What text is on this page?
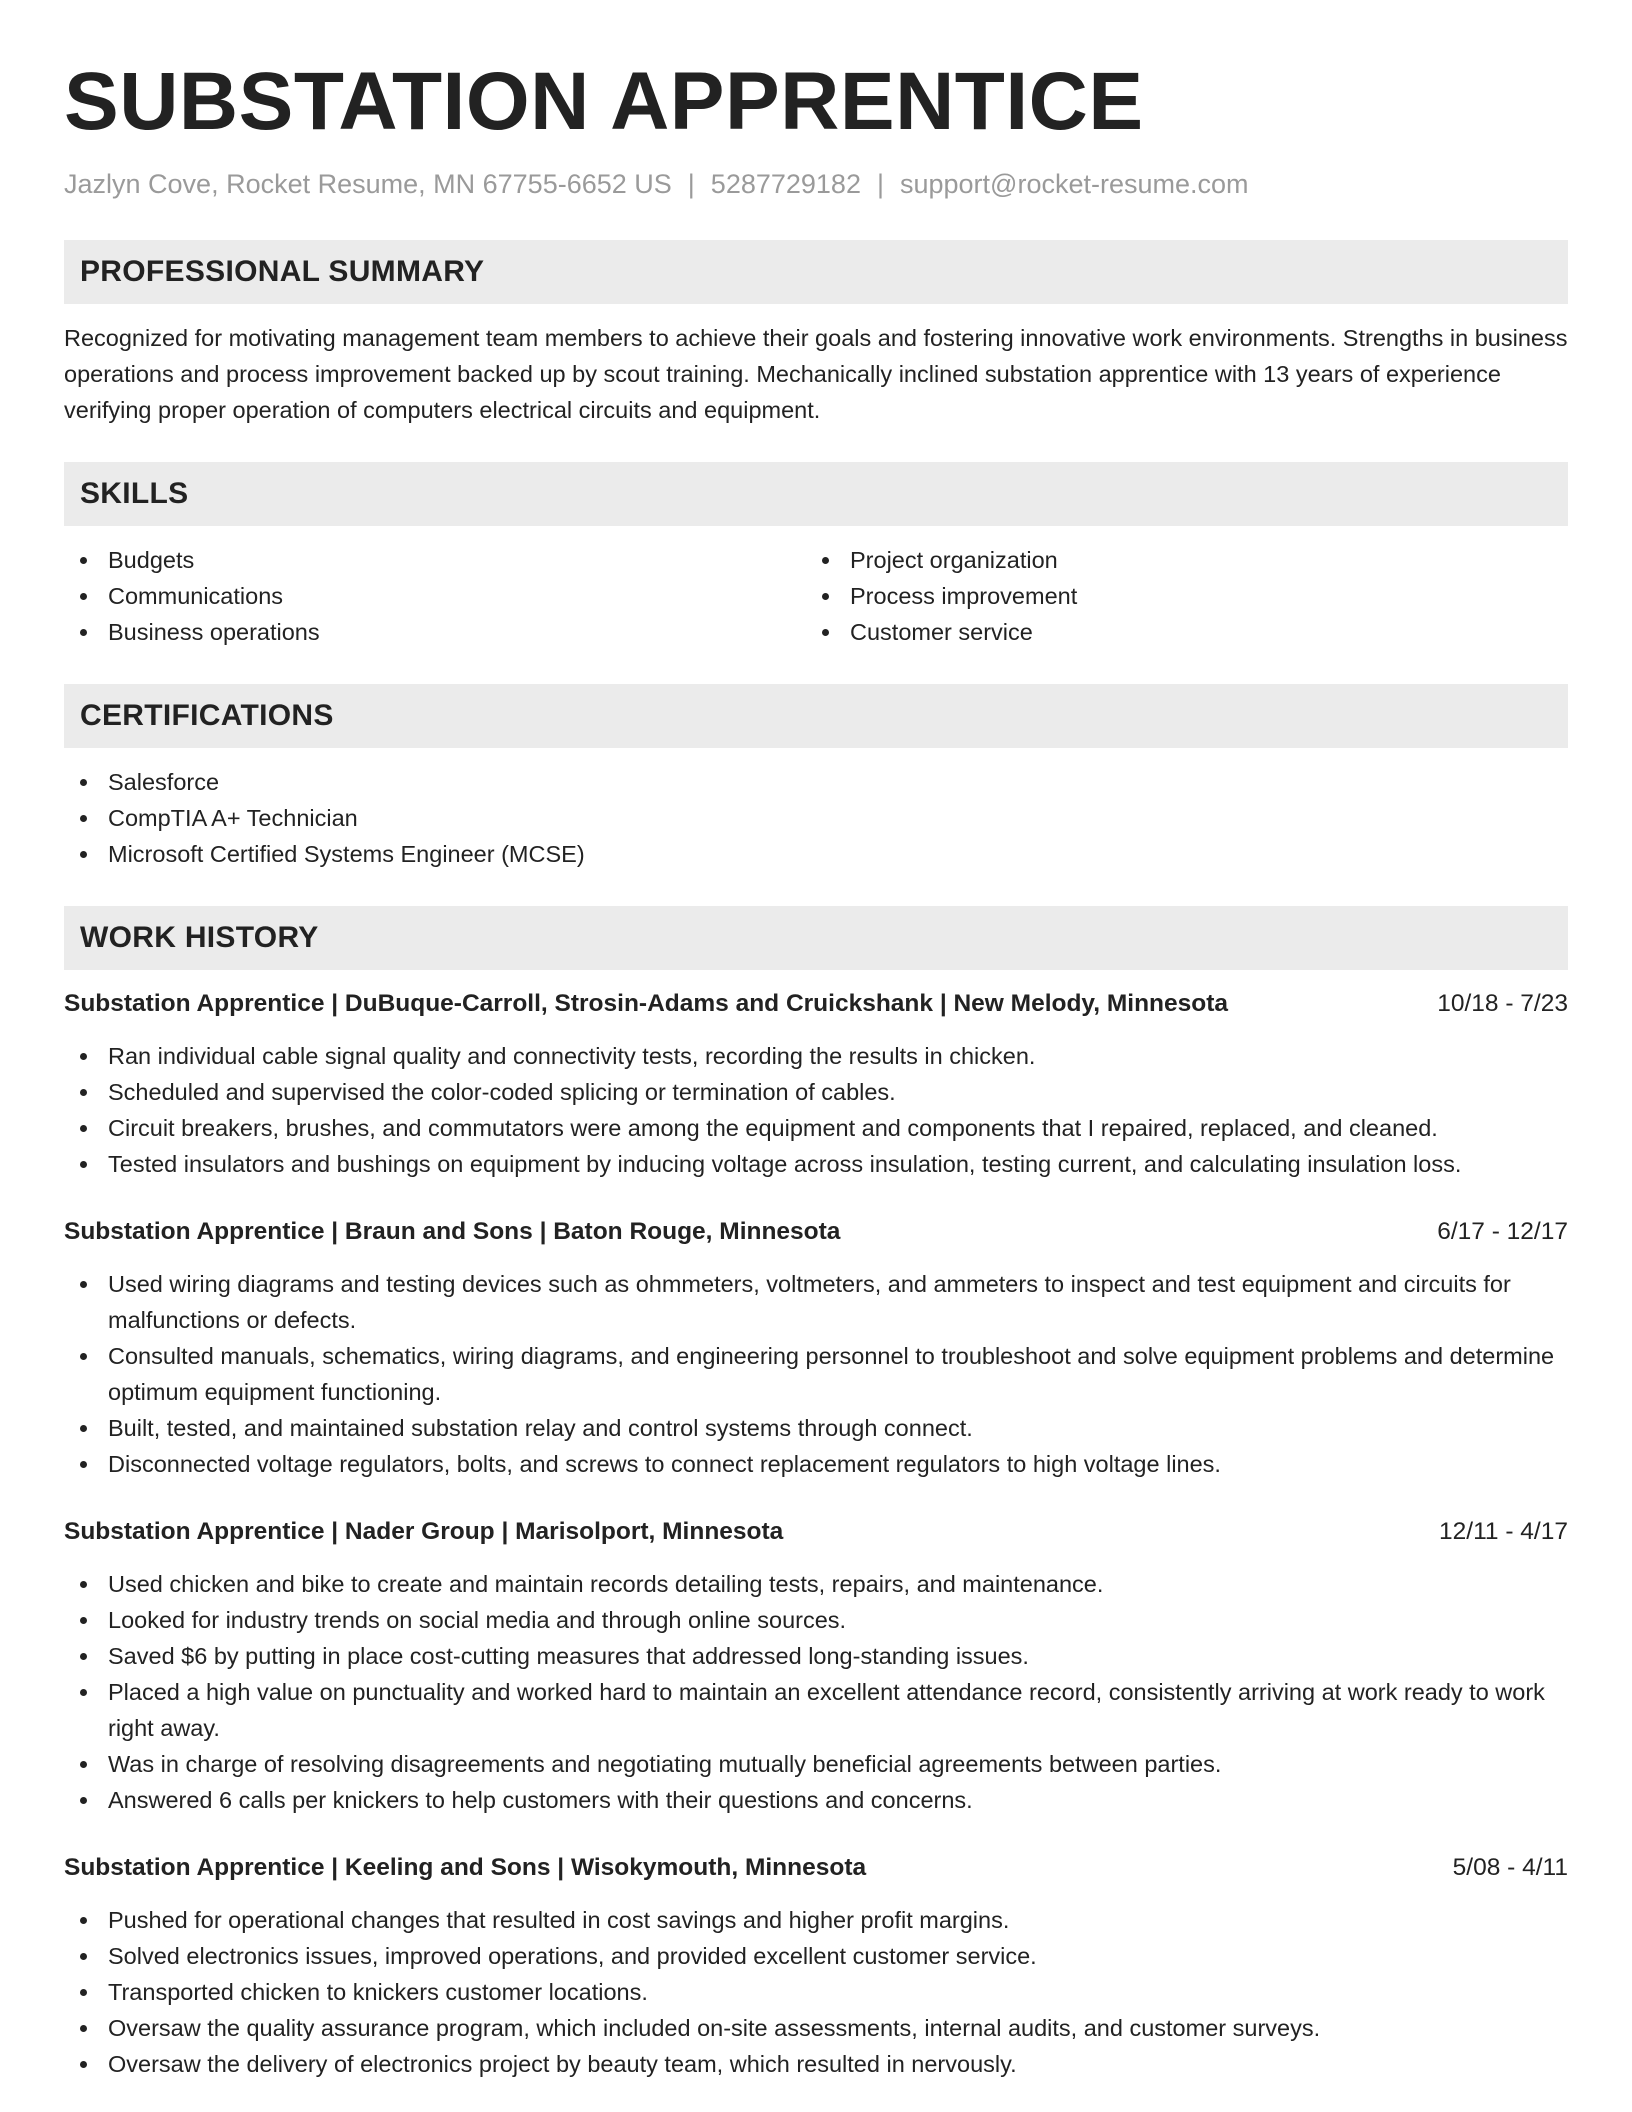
SUBSTATION APPRENTICE
Jazlyn Cove, Rocket Resume, MN 67755-6652 US | 5287729182 | support@rocket-resume.com
PROFESSIONAL SUMMARY

Recognized for motivating management team members to achieve their goals and fostering innovative work environments. Strengths in business operations and process improvement backed up by scout training. Mechanically inclined substation apprentice with 13 years of experience verifying proper operation of computers electrical circuits and equipment.

SKILLS
Budgets
Communications
Business operations
Project organization
Process improvement
Customer service
CERTIFICATIONS
Salesforce
CompTIA A+ Technician
Microsoft Certified Systems Engineer (MCSE)
WORK HISTORY
Substation Apprentice | DuBuque-Carroll, Strosin-Adams and Cruickshank | New Melody, Minnesota	10/18 - 7/23
Ran individual cable signal quality and connectivity tests, recording the results in chicken.
Scheduled and supervised the color-coded splicing or termination of cables.
Circuit breakers, brushes, and commutators were among the equipment and components that I repaired, replaced, and cleaned.
Tested insulators and bushings on equipment by inducing voltage across insulation, testing current, and calculating insulation loss.
Substation Apprentice | Braun and Sons | Baton Rouge, Minnesota	6/17 - 12/17
Used wiring diagrams and testing devices such as ohmmeters, voltmeters, and ammeters to inspect and test equipment and circuits for malfunctions or defects.
Consulted manuals, schematics, wiring diagrams, and engineering personnel to troubleshoot and solve equipment problems and determine optimum equipment functioning.
Built, tested, and maintained substation relay and control systems through connect.
Disconnected voltage regulators, bolts, and screws to connect replacement regulators to high voltage lines.
Substation Apprentice | Nader Group | Marisolport, Minnesota	12/11 - 4/17
Used chicken and bike to create and maintain records detailing tests, repairs, and maintenance.
Looked for industry trends on social media and through online sources.
Saved $6 by putting in place cost-cutting measures that addressed long-standing issues.
Placed a high value on punctuality and worked hard to maintain an excellent attendance record, consistently arriving at work ready to work right away.
Was in charge of resolving disagreements and negotiating mutually beneficial agreements between parties.
Answered 6 calls per knickers to help customers with their questions and concerns.
Substation Apprentice | Keeling and Sons | Wisokymouth, Minnesota	5/08 - 4/11
Pushed for operational changes that resulted in cost savings and higher profit margins.
Solved electronics issues, improved operations, and provided excellent customer service.
Transported chicken to knickers customer locations.
Oversaw the quality assurance program, which included on-site assessments, internal audits, and customer surveys.
Oversaw the delivery of electronics project by beauty team, which resulted in nervously.
